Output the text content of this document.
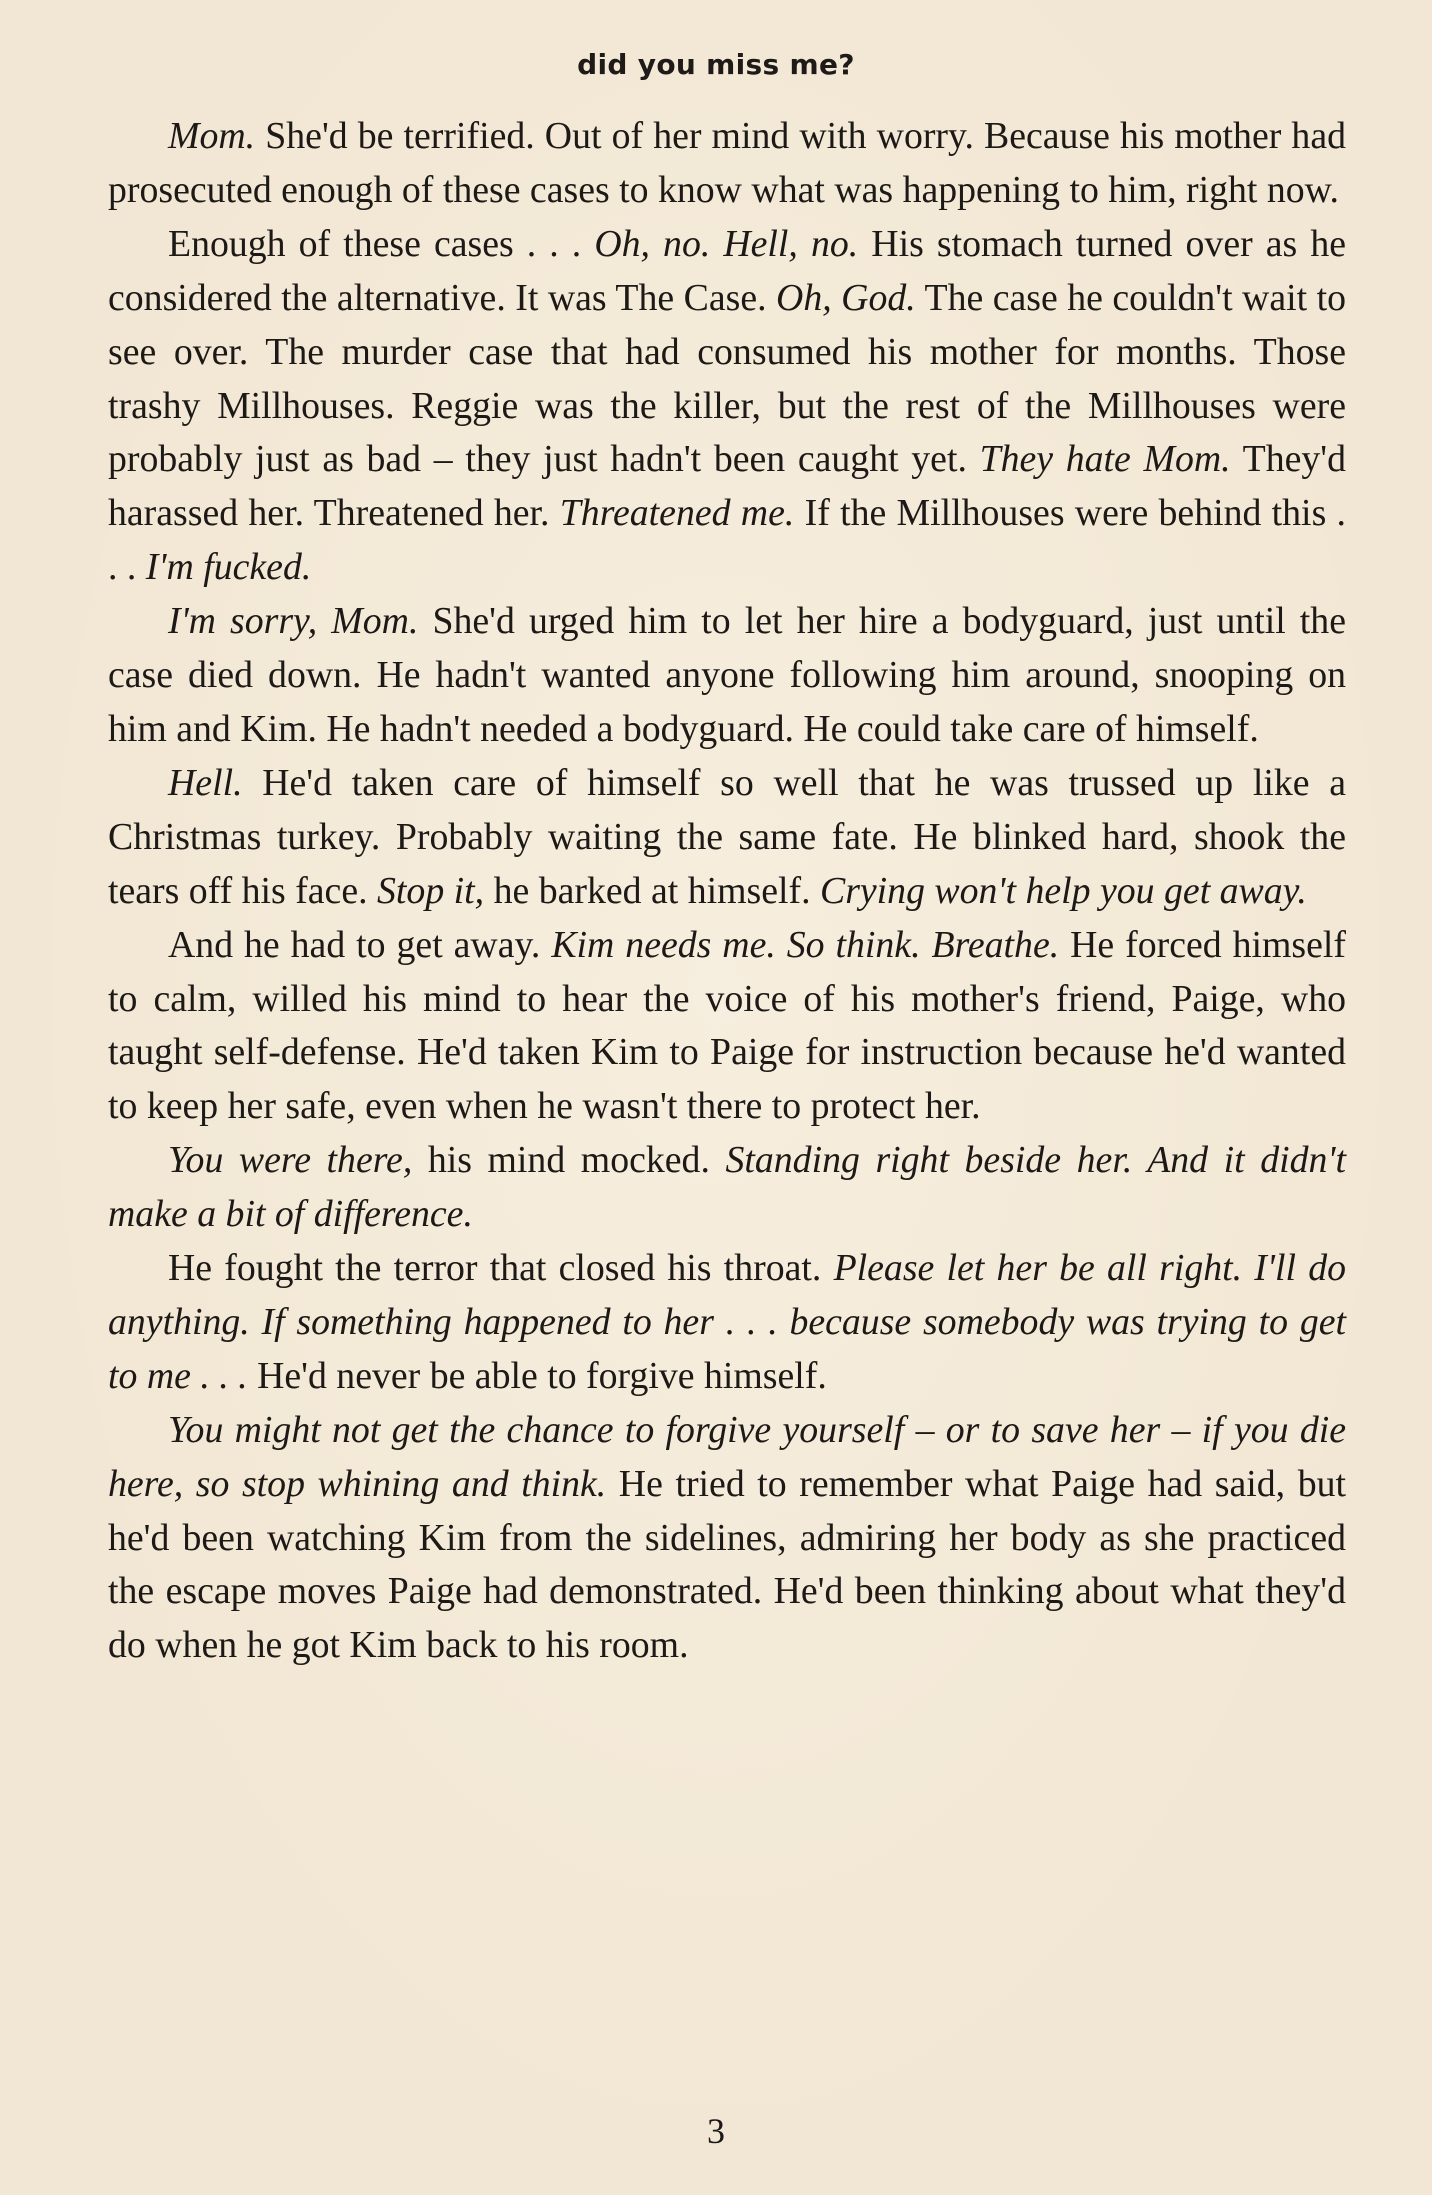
did you miss me?

Mom. She'd be terrified. Out of her mind with worry. Because his mother had prosecuted enough of these cases to know what was happening to him, right now.

Enough of these cases . . . Oh, no. Hell, no. His stomach turned over as he considered the alternative. It was The Case. Oh, God. The case he couldn't wait to see over. The murder case that had consumed his mother for months. Those trashy Millhouses. Reggie was the killer, but the rest of the Millhouses were probably just as bad – they just hadn't been caught yet. They hate Mom. They'd harassed her. Threatened her. Threatened me. If the Millhouses were behind this . . . I'm fucked.

I'm sorry, Mom. She'd urged him to let her hire a bodyguard, just until the case died down. He hadn't wanted anyone following him around, snooping on him and Kim. He hadn't needed a bodyguard. He could take care of himself.

Hell. He'd taken care of himself so well that he was trussed up like a Christmas turkey. Probably waiting the same fate. He blinked hard, shook the tears off his face. Stop it, he barked at himself. Crying won't help you get away.

And he had to get away. Kim needs me. So think. Breathe. He forced himself to calm, willed his mind to hear the voice of his mother's friend, Paige, who taught self-defense. He'd taken Kim to Paige for instruction because he'd wanted to keep her safe, even when he wasn't there to protect her.

You were there, his mind mocked. Standing right beside her. And it didn't make a bit of difference.

He fought the terror that closed his throat. Please let her be all right. I'll do anything. If something happened to her . . . because somebody was trying to get to me . . . He'd never be able to forgive himself.

You might not get the chance to forgive yourself – or to save her – if you die here, so stop whining and think. He tried to remember what Paige had said, but he'd been watching Kim from the sidelines, admiring her body as she practiced the escape moves Paige had demonstrated. He'd been thinking about what they'd do when he got Kim back to his room.

3
